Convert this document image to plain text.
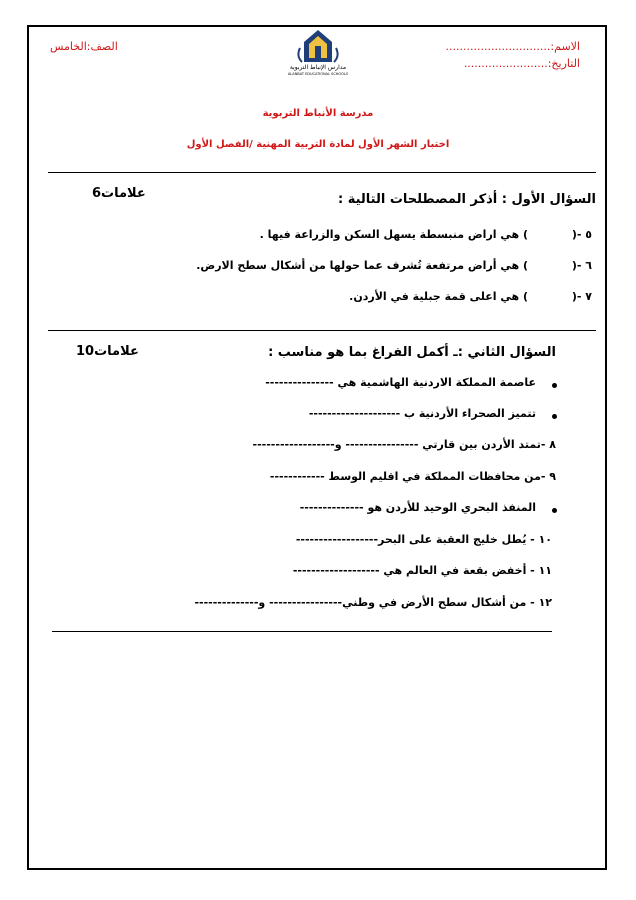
الاسم:..............................
التاريخ:........................
الصف:الخامس
مدارس الإنباط التربوية
ALANBAT EDUCATIONAL SCHOOLS
مدرسة الأنباط التربوية
اختبار الشهر الأول لمادة التربية المهنية /الفصل الأول
السؤال الأول : أذكر المصطلحات التالية :
6علامات
٥ -(
) هي اراض منبسطة يسهل السكن والزراعة فيها .
٦ -(
) هي أراض مرتفعة تُشرف عما حولها من أشكال سطح الارض.
٧ -(
) هي اعلى قمة جبلية في الأردن.
السؤال الثاني :ـ أكمل الفراغ بما هو مناسب :
10علامات
عاصمة المملكة الاردنية الهاشمية هي ---------------
تتميز الصحراء الأردنية ب --------------------
٨ -تمتد الأردن بين قارتي ---------------- و------------------
٩ -من محافظات المملكة في اقليم الوسط ------------
المنفذ البحري الوحيد للأردن هو --------------
١٠ - يُطل خليج العقبة على البحر------------------
١١ - أخفض بقعة في العالم هي -------------------
١٢ - من أشكال سطح الأرض في وطني---------------- و--------------
